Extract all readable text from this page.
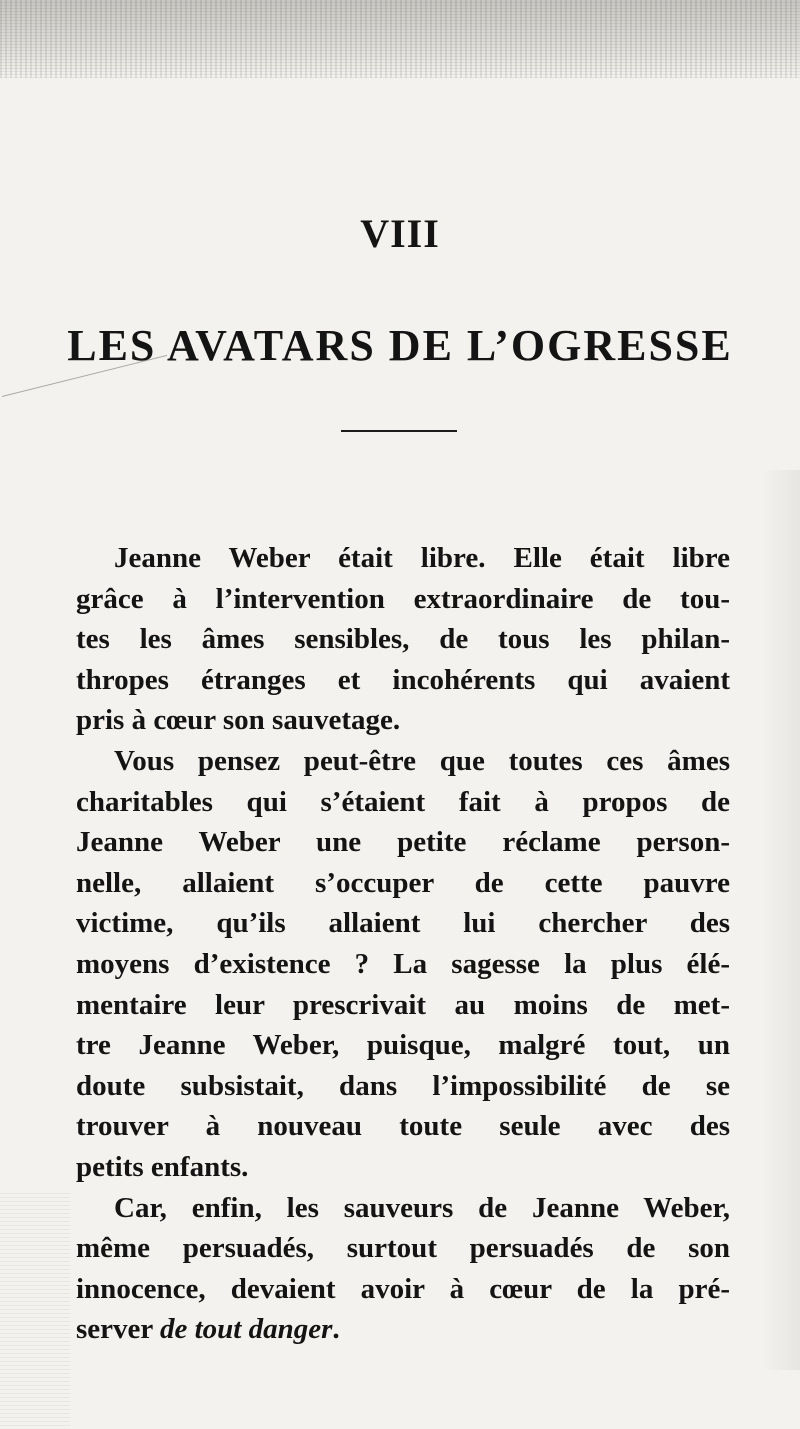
VIII
LES AVATARS DE L’OGRESSE
Jeanne Weber était libre. Elle était libre
grâce à l’intervention extraordinaire de tou-
tes les âmes sensibles, de tous les philan-
thropes étranges et incohérents qui avaient
pris à cœur son sauvetage.
Vous pensez peut-être que toutes ces âmes
charitables qui s’étaient fait à propos de
Jeanne Weber une petite réclame person-
nelle, allaient s’occuper de cette pauvre
victime, qu’ils allaient lui chercher des
moyens d’existence ? La sagesse la plus élé-
mentaire leur prescrivait au moins de met-
tre Jeanne Weber, puisque, malgré tout, un
doute subsistait, dans l’impossibilité de se
trouver à nouveau toute seule avec des
petits enfants.
Car, enfin, les sauveurs de Jeanne Weber,
même persuadés, surtout persuadés de son
innocence, devaient avoir à cœur de la pré-
server de tout danger.
